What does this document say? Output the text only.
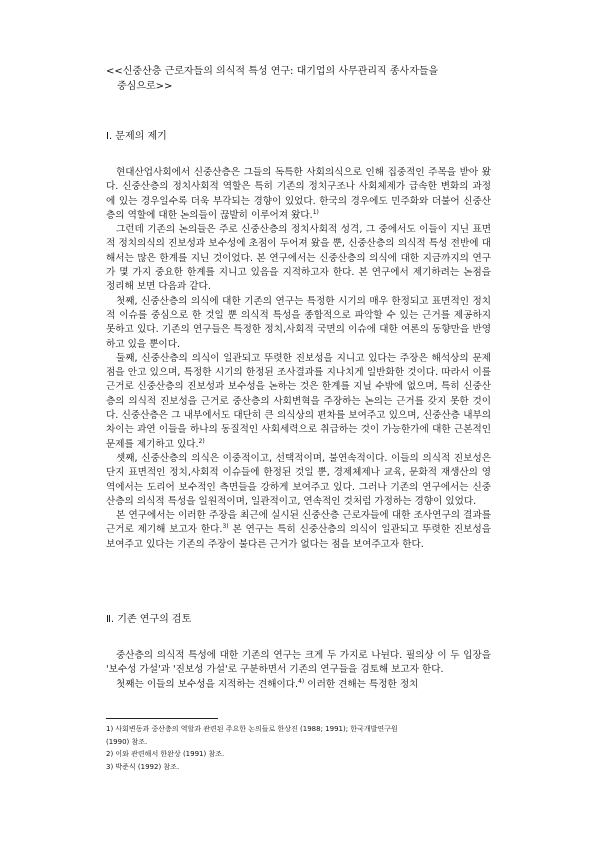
<<신중산층 근로자들의 의식적 특성 연구: 대기업의 사무관리직 종사자들을
중심으로>>
Ⅰ. 문제의 제기

현대산업사회에서 신중산층은 그들의 독특한 사회의식으로 인해 집중적인 주목을 받아 왔다. 신중산층의 정치사회적 역할은 특히 기존의 정치구조나 사회체제가 급속한 변화의 과정에 있는 경우일수록 더욱 부각되는 경향이 있었다. 한국의 경우에도 민주화와 더불어 신중산층의 역할에 대한 논의들이 끊발히 이루어져 왔다.$^{1)}$

그런데 기존의 논의들은 주로 신중산층의 정치사회적 성격, 그 중에서도 이들이 지닌 표면적 정치의식의 진보성과 보수성에 초점이 두어져 왔을 뿐, 신중산층의 의식적 특성 전반에 대해서는 많은 한계를 지닌 것이었다. 본 연구에서는 신중산층의 의식에 대한 지금까지의 연구가 몇 가지 중요한 한계를 지니고 있음을 지적하고자 한다. 본 연구에서 제기하려는 논점을 정리해 보면 다음과 같다.

첫째, 신중산층의 의식에 대한 기존의 연구는 특정한 시기의 매우 한정되고 표면적인 정치적 이슈를 중심으로 한 것일 뿐 의식적 특성을 종합적으로 파악할 수 있는 근거를 제공하지 못하고 있다. 기존의 연구들은 특정한 정치,사회적 국면의 이슈에 대한 여론의 동향만을 반영하고 있을 뿐이다.

둘째, 신중산층의 의식이 일관되고 뚜렷한 진보성을 지니고 있다는 주장은 해석상의 문제점을 안고 있으며, 특정한 시기의 한정된 조사결과를 지나치게 일반화한 것이다. 따라서 이를 근거로 신중산층의 진보성과 보수성을 논하는 것은 한계를 지닐 수밖에 없으며, 특히 신중산층의 의식적 진보성을 근거로 중산층의 사회변혁을 주장하는 논의는 근거를 갖지 못한 것이다. 신중산층은 그 내부에서도 대단히 큰 의식상의 편차를 보여주고 있으며, 신중산층 내부의 차이는 과연 이들을 하나의 동질적인 사회세력으로 취급하는 것이 가능한가에 대한 근본적인 문제를 제기하고 있다.$^{2)}$

셋째, 신중산층의 의식은 이중적이고, 선택적이며, 불연속적이다. 이들의 의식적 진보성은 단지 표면적인 정치,사회적 이슈들에 한정된 것일 뿐, 경제체제나 교육, 문화적 재생산의 영역에서는 도리어 보수적인 측면들을 강하게 보여주고 있다. 그러나 기존의 연구에서는 신중산층의 의식적 특성을 일원적이며, 일관적이고, 연속적인 것처럼 가정하는 경향이 있었다.

본 연구에서는 이러한 주장을 최근에 실시된 신중산층 근로자들에 대한 조사연구의 결과를 근거로 제기해 보고자 한다.$^{3)}$ 본 연구는 특히 신중산층의 의식이 일관되고 뚜렷한 진보성을 보여주고 있다는 기존의 주장이 불다른 근거가 없다는 점을 보여주고자 한다.

Ⅱ. 기존 연구의 검토

중산층의 의식적 특성에 대한 기존의 연구는 크게 두 가지로 나뉜다. 필의상 이 두 입장을 '보수성 가설'과 '진보성 가설'로 구분하면서 기존의 연구들을 검토해 보고자 한다.

첫째는 이들의 보수성을 지적하는 견해이다.$^{4)}$ 이러한 견해는 특정한 정치

1) 사회변동과 중산층의 역할과 관련된 주요한 논의들로 한상진 (1988; 1991); 한국개발연구원
(1990) 참조.
2) 이와 관련해서 한완상 (1991) 참조.
3) 박준식 (1992) 참조.
